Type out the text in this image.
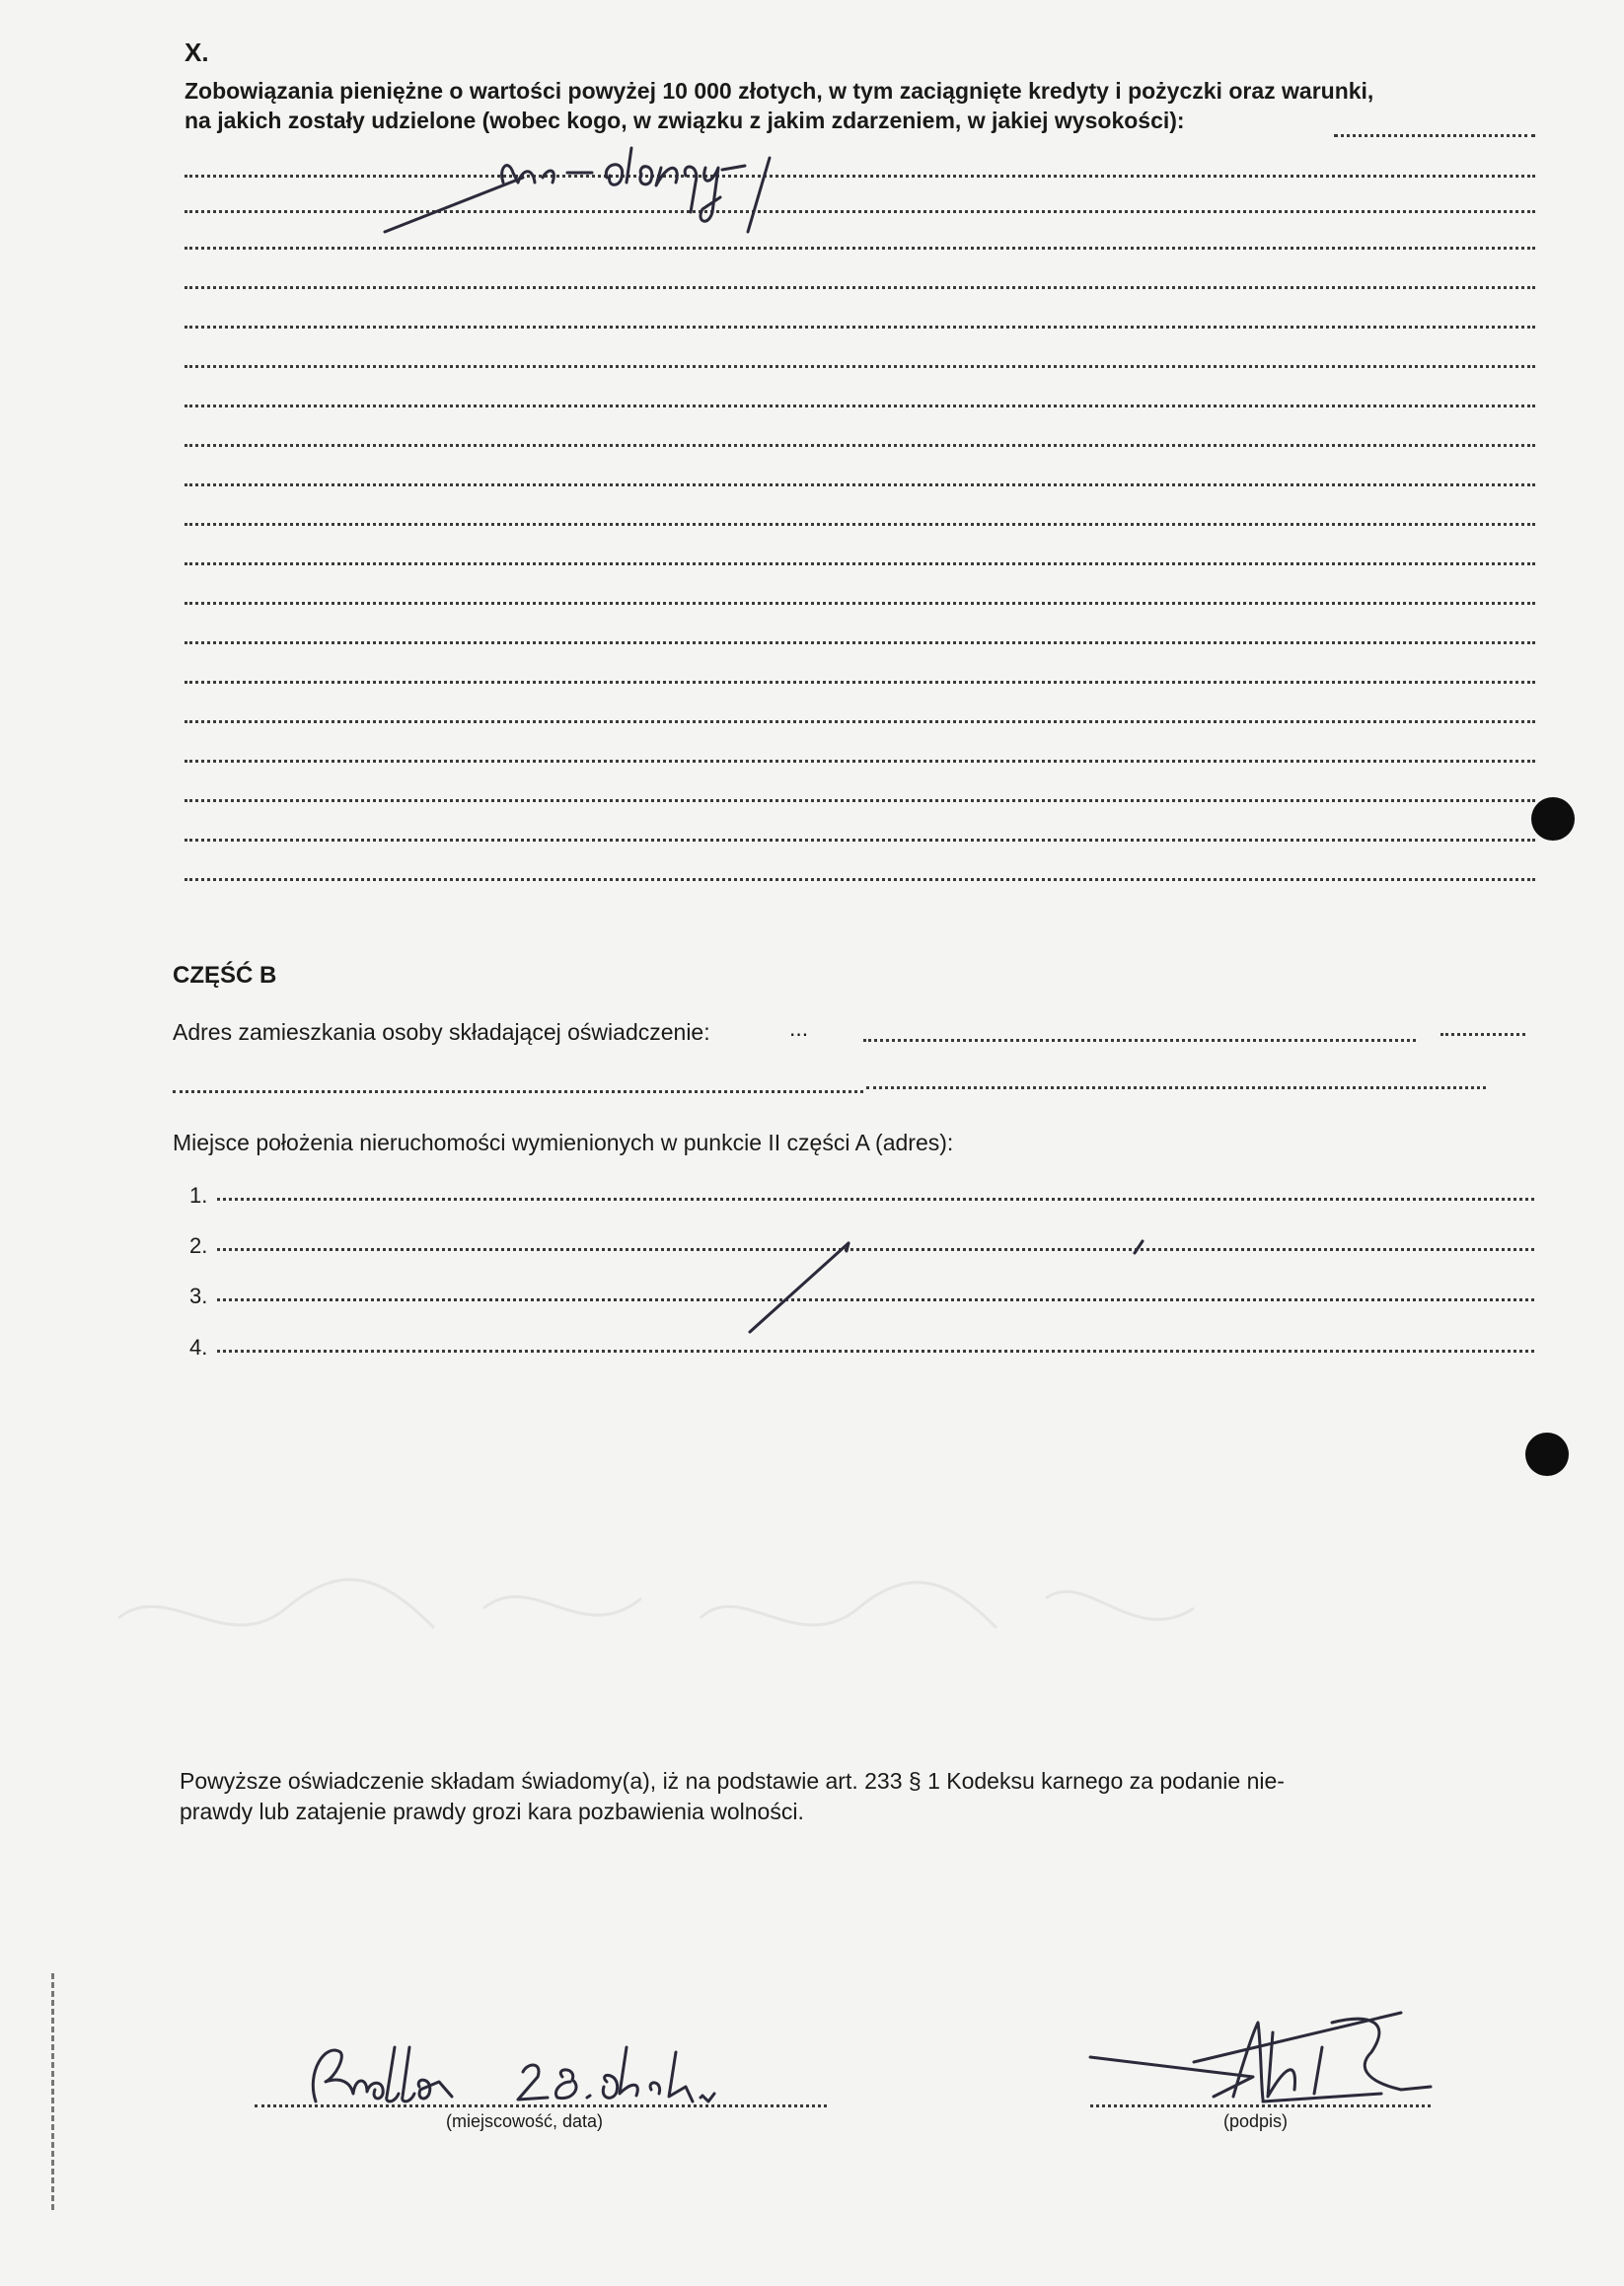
X.
Zobowiązania pieniężne o wartości powyżej 10 000 złotych, w tym zaciągnięte kredyty i pożyczki oraz warunki,
na jakich zostały udzielone (wobec kogo, w związku z jakim zdarzeniem, w jakiej wysokości):
CZĘŚĆ B
Adres zamieszkania osoby składającej oświadczenie:	...
Miejsce położenia nieruchomości wymienionych w punkcie II części A (adres):
1.
2.
3.
4.
Powyższe oświadczenie składam świadomy(a), iż na podstawie art. 233 § 1 Kodeksu karnego za podanie nie-
prawdy lub zatajenie prawdy grozi kara pozbawienia wolności.
(miejscowość, data)	(podpis)
